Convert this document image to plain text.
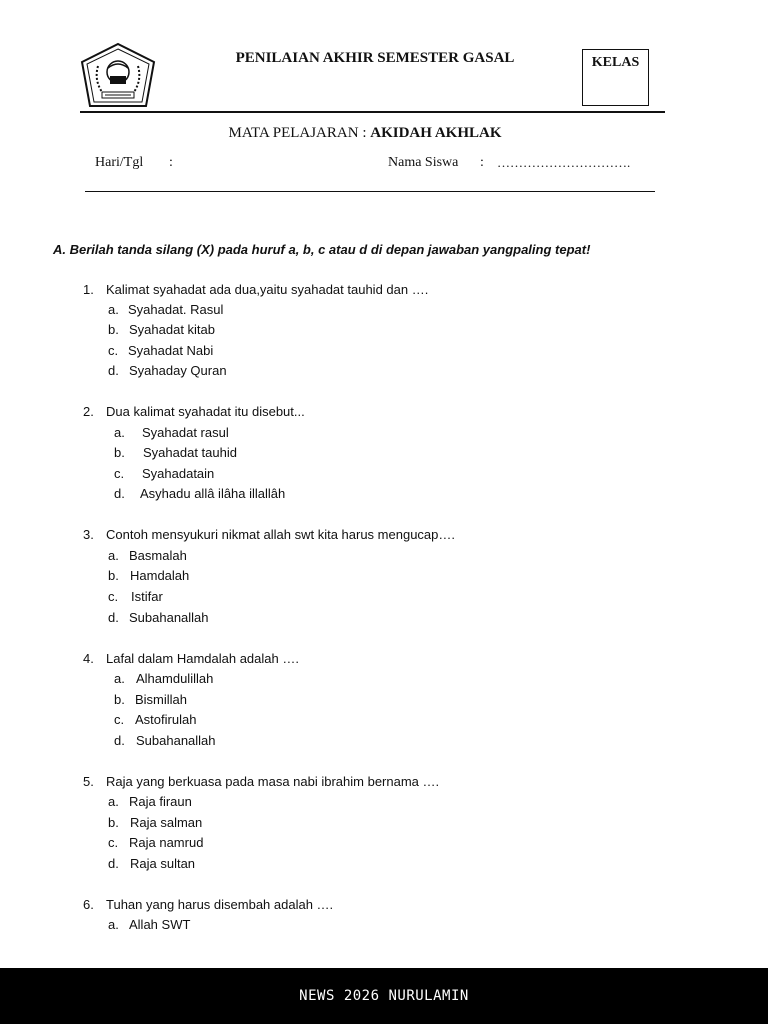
PENILAIAN AKHIR SEMESTER GASAL	KELAS
MATA PELAJARAN : AKIDAH AKHLAK
Hari/Tgl :	Nama Siswa : ………………………….
A. Berilah tanda silang (X) pada huruf a, b, c atau d di depan jawaban yangpaling tepat!
1. Kalimat syahadat ada dua,yaitu syahadat tauhid dan ….
a. Syahadat. Rasul
b. Syahadat kitab
c. Syahadat Nabi
d. Syahaday Quran
2. Dua kalimat syahadat itu disebut...
a. Syahadat rasul
b. Syahadat tauhid
c. Syahadatain
d. Asyhadu allâ ilâha illallâh
3. Contoh mensyukuri nikmat allah swt kita harus mengucap….
a. Basmalah
b. Hamdalah
c. Istifar
d. Subahanallah
4. Lafal dalam Hamdalah adalah ….
a. Alhamdulillah
b. Bismillah
c. Astofirulah
d. Subahanallah
5. Raja yang berkuasa pada masa nabi ibrahim bernama ….
a. Raja firaun
b. Raja salman
c. Raja namrud
d. Raja sultan
6. Tuhan yang harus disembah adalah ….
a. Allah SWT
NEWS 2026 NURULAMIN
